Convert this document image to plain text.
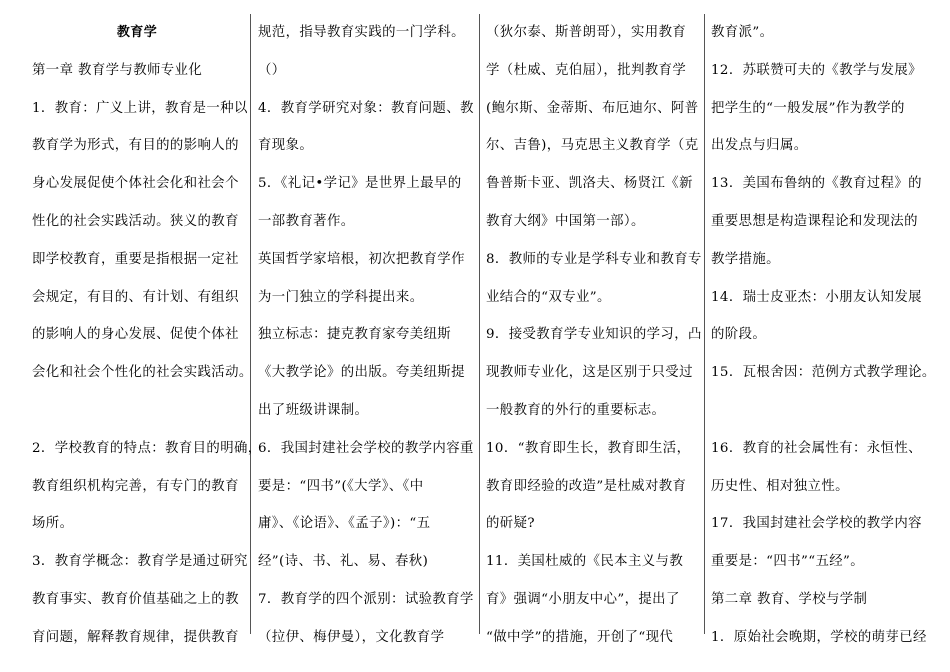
教育学

第一章 教育学与教师专业化

1．教育：广义上讲，教育是一种以

教育学为形式，有目的的影响人的

身心发展促使个体社会化和社会个

性化的社会实践活动。狭义的教育

即学校教育，重要是指根据一定社

会规定，有目的、有计划、有组织

的影响人的身心发展、促使个体社

会化和社会个性化的社会实践活动。

2．学校教育的特点：教育目的明确，

教育组织机构完善，有专门的教育

场所。

3．教育学概念：教育学是通过研究

教育事实、教育价值基础之上的教

育问题，解释教育规律，提供教育

规范，指导教育实践的一门学科。

（）

4．教育学研究对象：教育问题、教

育现象。

5．《礼记•学记》是世界上最早的

一部教育著作。

英国哲学家培根，初次把教育学作

为一门独立的学科提出来。

独立标志：捷克教育家夸美纽斯

《大教学论》的出版。夸美纽斯提

出了班级讲课制。

6．我国封建社会学校的教学内容重

要是：“四书”(《大学》、《中

庸》、《论语》、《孟子》)：“五

经”(诗、书、礼、易、春秋)

7．教育学的四个派别：试验教育学

（拉伊、梅伊曼），文化教育学

（狄尔泰、斯普朗哥），实用教育

学（杜威、克伯屈），批判教育学

(鲍尔斯、金蒂斯、布厄迪尔、阿普

尔、吉鲁)，马克思主义教育学（克

鲁普斯卡亚、凯洛夫、杨贤江《新

教育大纲》中国第一部）。

8．教师的专业是学科专业和教育专

业结合的“双专业”。

9．接受教育学专业知识的学习，凸

现教师专业化，这是区别于只受过

一般教育的外行的重要标志。

10．“教育即生长，教育即生活，

教育即经验的改造”是杜威对教育

的斫疑?

11．美国杜威的《民本主义与教

育》强调“小朋友中心”，提出了

“做中学”的措施，开创了“现代

教育派”。

12．苏联赞可夫的《教学与发展》

把学生的“一般发展”作为教学的

出发点与归属。

13．美国布鲁纳的《教育过程》的

重要思想是构造课程论和发现法的

教学措施。

14．瑞士皮亚杰：小朋友认知发展

的阶段。

15．瓦根舍因：范例方式教学理论。

16．教育的社会属性有：永恒性、

历史性、相对独立性。

17．我国封建社会学校的教学内容

重要是：“四书”“五经”。

第二章 教育、学校与学制

1．原始社会晚期，学校的萌芽已经
